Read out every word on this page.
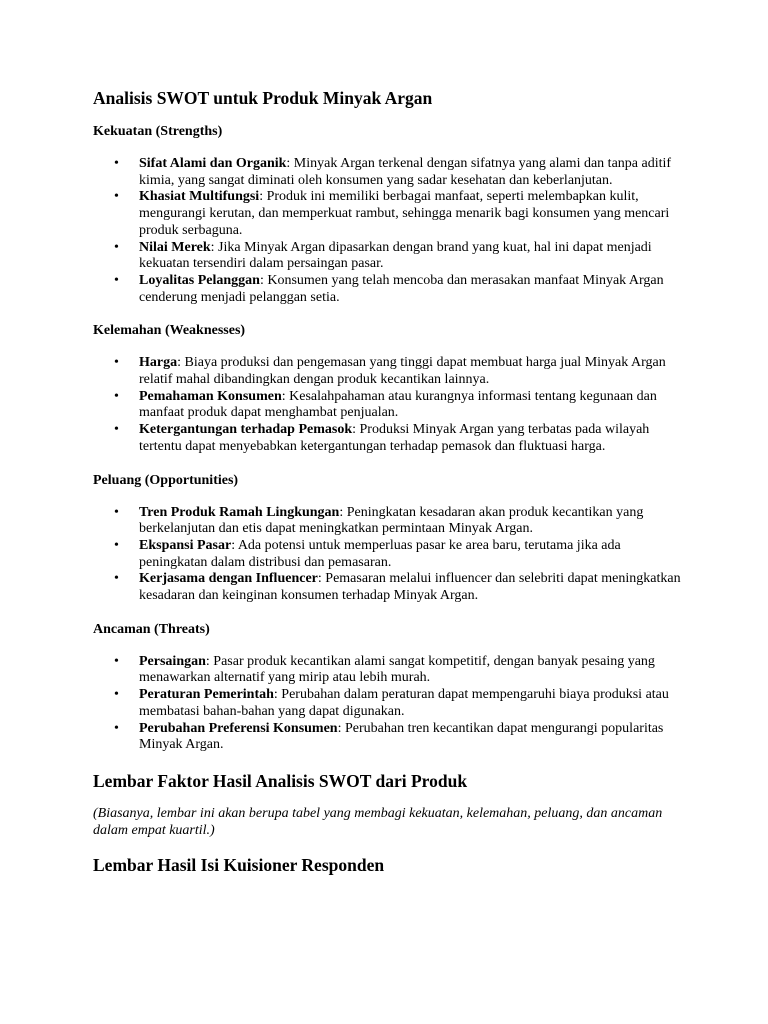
Analisis SWOT untuk Produk Minyak Argan
Kekuatan (Strengths)
• Sifat Alami dan Organik: Minyak Argan terkenal dengan sifatnya yang alami dan tanpa aditif kimia, yang sangat diminati oleh konsumen yang sadar kesehatan dan keberlanjutan.
• Khasiat Multifungsi: Produk ini memiliki berbagai manfaat, seperti melembapkan kulit, mengurangi kerutan, dan memperkuat rambut, sehingga menarik bagi konsumen yang mencari produk serbaguna.
• Nilai Merek: Jika Minyak Argan dipasarkan dengan brand yang kuat, hal ini dapat menjadi kekuatan tersendiri dalam persaingan pasar.
• Loyalitas Pelanggan: Konsumen yang telah mencoba dan merasakan manfaat Minyak Argan cenderung menjadi pelanggan setia.
Kelemahan (Weaknesses)
• Harga: Biaya produksi dan pengemasan yang tinggi dapat membuat harga jual Minyak Argan relatif mahal dibandingkan dengan produk kecantikan lainnya.
• Pemahaman Konsumen: Kesalahpahaman atau kurangnya informasi tentang kegunaan dan manfaat produk dapat menghambat penjualan.
• Ketergantungan terhadap Pemasok: Produksi Minyak Argan yang terbatas pada wilayah tertentu dapat menyebabkan ketergantungan terhadap pemasok dan fluktuasi harga.
Peluang (Opportunities)
• Tren Produk Ramah Lingkungan: Peningkatan kesadaran akan produk kecantikan yang berkelanjutan dan etis dapat meningkatkan permintaan Minyak Argan.
• Ekspansi Pasar: Ada potensi untuk memperluas pasar ke area baru, terutama jika ada peningkatan dalam distribusi dan pemasaran.
• Kerjasama dengan Influencer: Pemasaran melalui influencer dan selebriti dapat meningkatkan kesadaran dan keinginan konsumen terhadap Minyak Argan.
Ancaman (Threats)
• Persaingan: Pasar produk kecantikan alami sangat kompetitif, dengan banyak pesaing yang menawarkan alternatif yang mirip atau lebih murah.
• Peraturan Pemerintah: Perubahan dalam peraturan dapat mempengaruhi biaya produksi atau membatasi bahan-bahan yang dapat digunakan.
• Perubahan Preferensi Konsumen: Perubahan tren kecantikan dapat mengurangi popularitas Minyak Argan.
Lembar Faktor Hasil Analisis SWOT dari Produk

(Biasanya, lembar ini akan berupa tabel yang membagi kekuatan, kelemahan, peluang, dan ancaman dalam empat kuartil.)

Lembar Hasil Isi Kuisioner Responden
